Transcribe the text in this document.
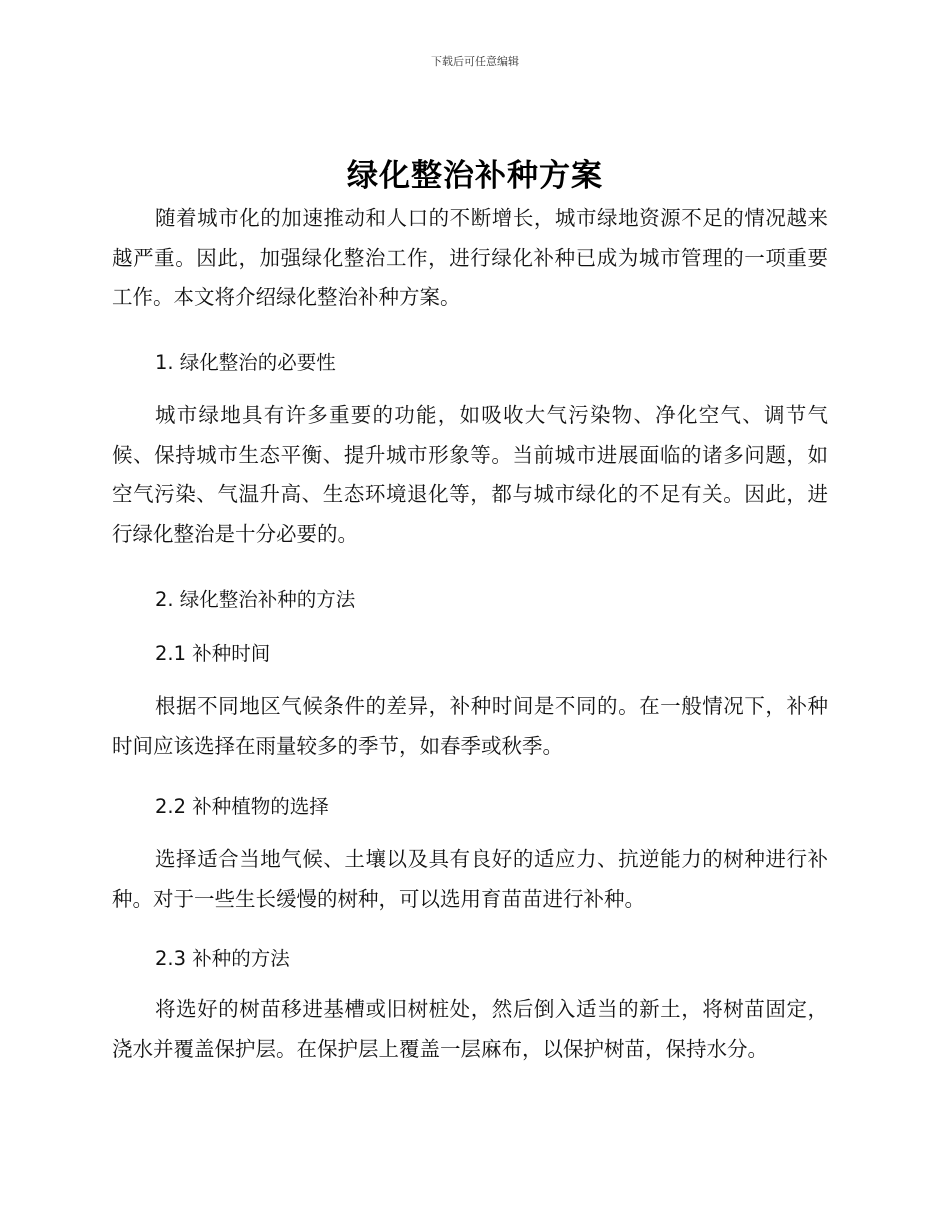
下载后可任意编辑
绿化整治补种方案

随着城市化的加速推动和人口的不断增长，城市绿地资源不足的情况越来越严重。因此，加强绿化整治工作，进行绿化补种已成为城市管理的一项重要工作。本文将介绍绿化整治补种方案。

1. 绿化整治的必要性

城市绿地具有许多重要的功能，如吸收大气污染物、净化空气、调节气候、保持城市生态平衡、提升城市形象等。当前城市进展面临的诸多问题，如空气污染、气温升高、生态环境退化等，都与城市绿化的不足有关。因此，进行绿化整治是十分必要的。

2. 绿化整治补种的方法
2.1 补种时间

根据不同地区气候条件的差异，补种时间是不同的。在一般情况下，补种时间应该选择在雨量较多的季节，如春季或秋季。

2.2 补种植物的选择

选择适合当地气候、土壤以及具有良好的适应力、抗逆能力的树种进行补种。对于一些生长缓慢的树种，可以选用育苗苗进行补种。

2.3 补种的方法

将选好的树苗移进基槽或旧树桩处，然后倒入适当的新土，将树苗固定，浇水并覆盖保护层。在保护层上覆盖一层麻布，以保护树苗，保持水分。
